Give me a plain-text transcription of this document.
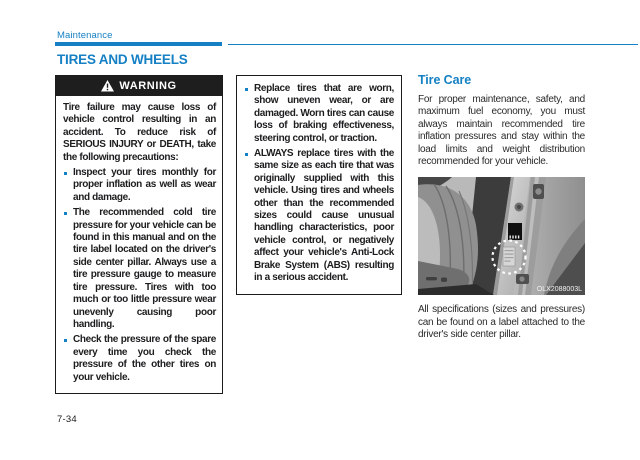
Maintenance
TIRES AND WHEELS
WARNING

Tire failure may cause loss of vehicle control resulting in an accident. To reduce risk of SERIOUS INJURY or DEATH, take the following precautions:

Inspect your tires monthly for proper inflation as well as wear and damage.
The recommended cold tire pressure for your vehicle can be found in this manual and on the tire label located on the driver's side center pillar. Always use a tire pressure gauge to measure tire pressure. Tires with too much or too little pressure wear unevenly causing poor handling.
Check the pressure of the spare every time you check the pressure of the other tires on your vehicle.
Replace tires that are worn, show uneven wear, or are damaged. Worn tires can cause loss of braking effectiveness, steering control, or traction.
ALWAYS replace tires with the same size as each tire that was originally supplied with this vehicle. Using tires and wheels other than the recommended sizes could cause unusual handling characteristics, poor vehicle control, or negatively affect your vehicle's Anti-Lock Brake System (ABS) resulting in a serious accident.
Tire Care

For proper maintenance, safety, and maximum fuel economy, you must always maintain recommended tire inflation pressures and stay within the load limits and weight distribution recommended for your vehicle.

OLX2088003L

All specifications (sizes and pressures) can be found on a label attached to the driver's side center pillar.

7-34
